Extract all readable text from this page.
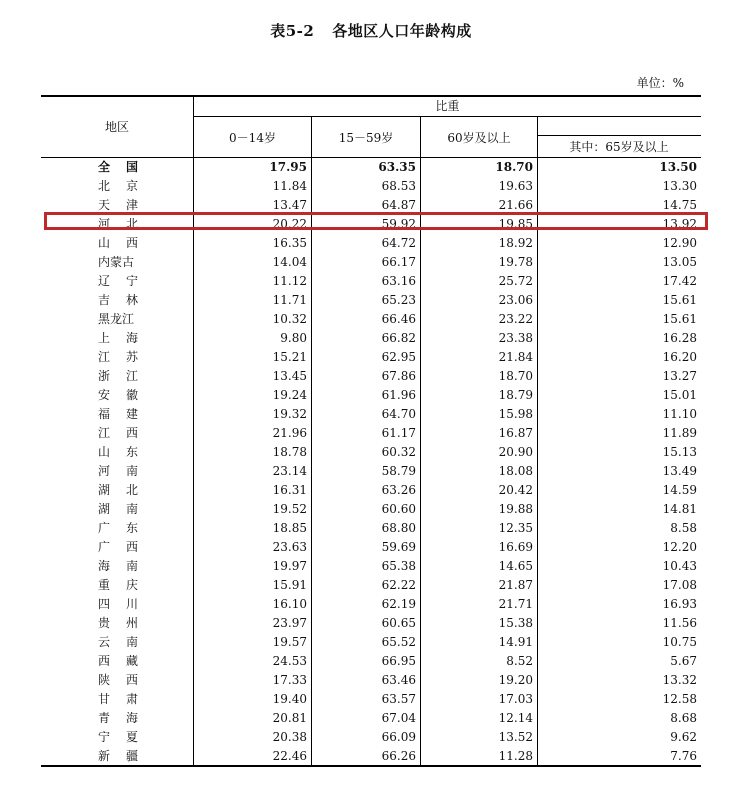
表5-2 各地区人口年龄构成
单位：%
地区
比重
0－14岁	15－59岁	60岁及以上
其中：65岁及以上
全 国	17.95	63.35	18.70	13.50
北 京	11.84	68.53	19.63	13.30
天 津	13.47	64.87	21.66	14.75
河 北	20.22	59.92	19.85	13.92
山 西	16.35	64.72	18.92	12.90
内蒙古	14.04	66.17	19.78	13.05
辽 宁	11.12	63.16	25.72	17.42
吉 林	11.71	65.23	23.06	15.61
黑龙江	10.32	66.46	23.22	15.61
上 海	9.80	66.82	23.38	16.28
江 苏	15.21	62.95	21.84	16.20
浙 江	13.45	67.86	18.70	13.27
安 徽	19.24	61.96	18.79	15.01
福 建	19.32	64.70	15.98	11.10
江 西	21.96	61.17	16.87	11.89
山 东	18.78	60.32	20.90	15.13
河 南	23.14	58.79	18.08	13.49
湖 北	16.31	63.26	20.42	14.59
湖 南	19.52	60.60	19.88	14.81
广 东	18.85	68.80	12.35	8.58
广 西	23.63	59.69	16.69	12.20
海 南	19.97	65.38	14.65	10.43
重 庆	15.91	62.22	21.87	17.08
四 川	16.10	62.19	21.71	16.93
贵 州	23.97	60.65	15.38	11.56
云 南	19.57	65.52	14.91	10.75
西 藏	24.53	66.95	8.52	5.67
陕 西	17.33	63.46	19.20	13.32
甘 肃	19.40	63.57	17.03	12.58
青 海	20.81	67.04	12.14	8.68
宁 夏	20.38	66.09	13.52	9.62
新 疆	22.46	66.26	11.28	7.76
